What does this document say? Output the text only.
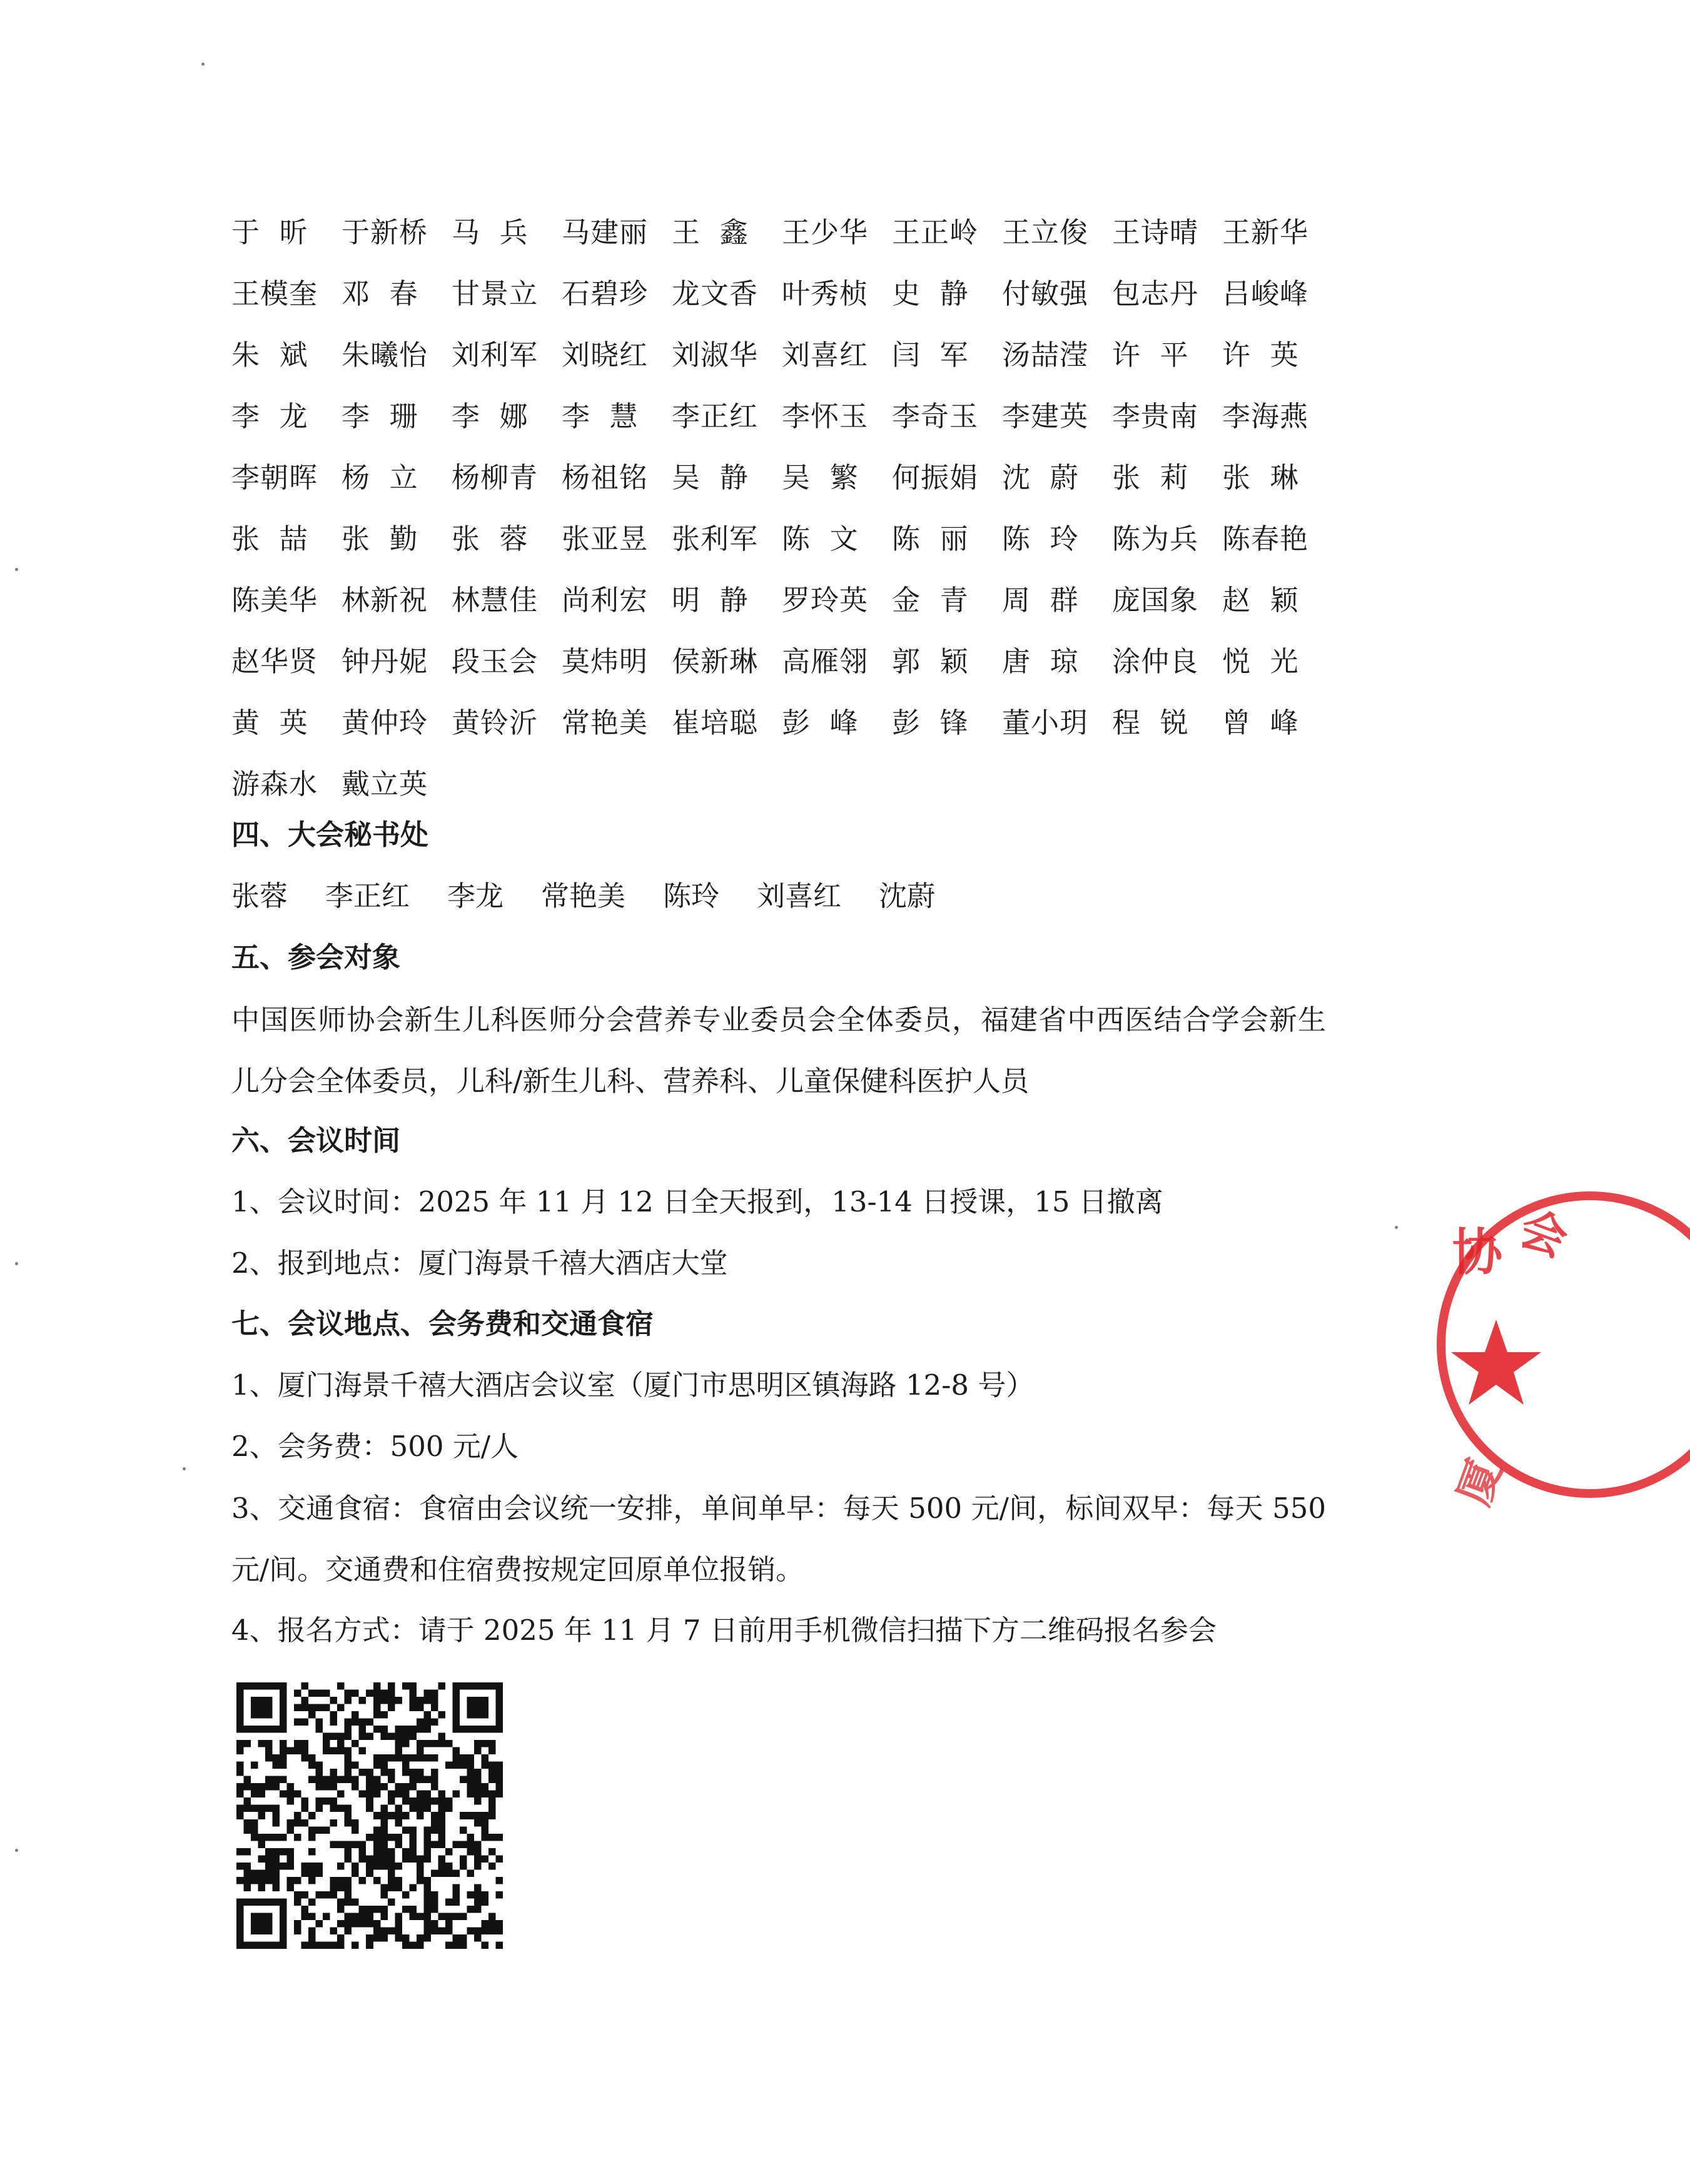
于  昕	于新桥 马  兵	马建丽 王  鑫	王少华 王正岭 王立俊 王诗晴 王新华
王模奎 邓  春	甘景立 石碧珍 龙文香 叶秀桢 史  静	付敏强 包志丹 吕峻峰
朱  斌	朱曦怡 刘利军 刘晓红 刘淑华 刘喜红 闫  军	汤喆滢 许  平	许  英
李  龙	李  珊	李  娜	李  慧	李正红 李怀玉 李奇玉 李建英 李贵南 李海燕
李朝晖 杨  立	杨柳青 杨祖铭 吴  静	吴  繁	何振娟 沈  蔚	张  莉	张  琳
张  喆	张  勤	张  蓉	张亚昱 张利军 陈  文	陈  丽	陈  玲	陈为兵 陈春艳
陈美华 林新祝 林慧佳 尚利宏 明  静	罗玲英 金  青	周  群	庞国象 赵  颖
赵华贤 钟丹妮 段玉会 莫炜明 侯新琳 高雁翎 郭  颖	唐  琼	涂仲良 悦  光
黄  英	黄仲玲 黄铃沂 常艳美 崔培聪 彭  峰	彭  锋	董小玥 程  锐	曾  峰
游森水 戴立英
四、大会秘书处
张蓉 李正红 李龙 常艳美 陈玲 刘喜红 沈蔚
五、参会对象
中国医师协会新生儿科医师分会营养专业委员会全体委员，福建省中西医结合学会新生儿分会全体委员，儿科/新生儿科、营养科、儿童保健科医护人员
六、会议时间
1、会议时间：2025 年 11 月 12 日全天报到，13-14 日授课，15 日撤离
2、报到地点：厦门海景千禧大酒店大堂
七、会议地点、会务费和交通食宿
1、厦门海景千禧大酒店会议室（厦门市思明区镇海路 12-8 号）
2、会务费：500 元/人
3、交通食宿：食宿由会议统一安排，单间单早：每天 500 元/间，标间双早：每天 550 元/间。交通费和住宿费按规定回原单位报销。
4、报名方式：请于 2025 年 11 月 7 日前用手机微信扫描下方二维码报名参会
协 会
厦
